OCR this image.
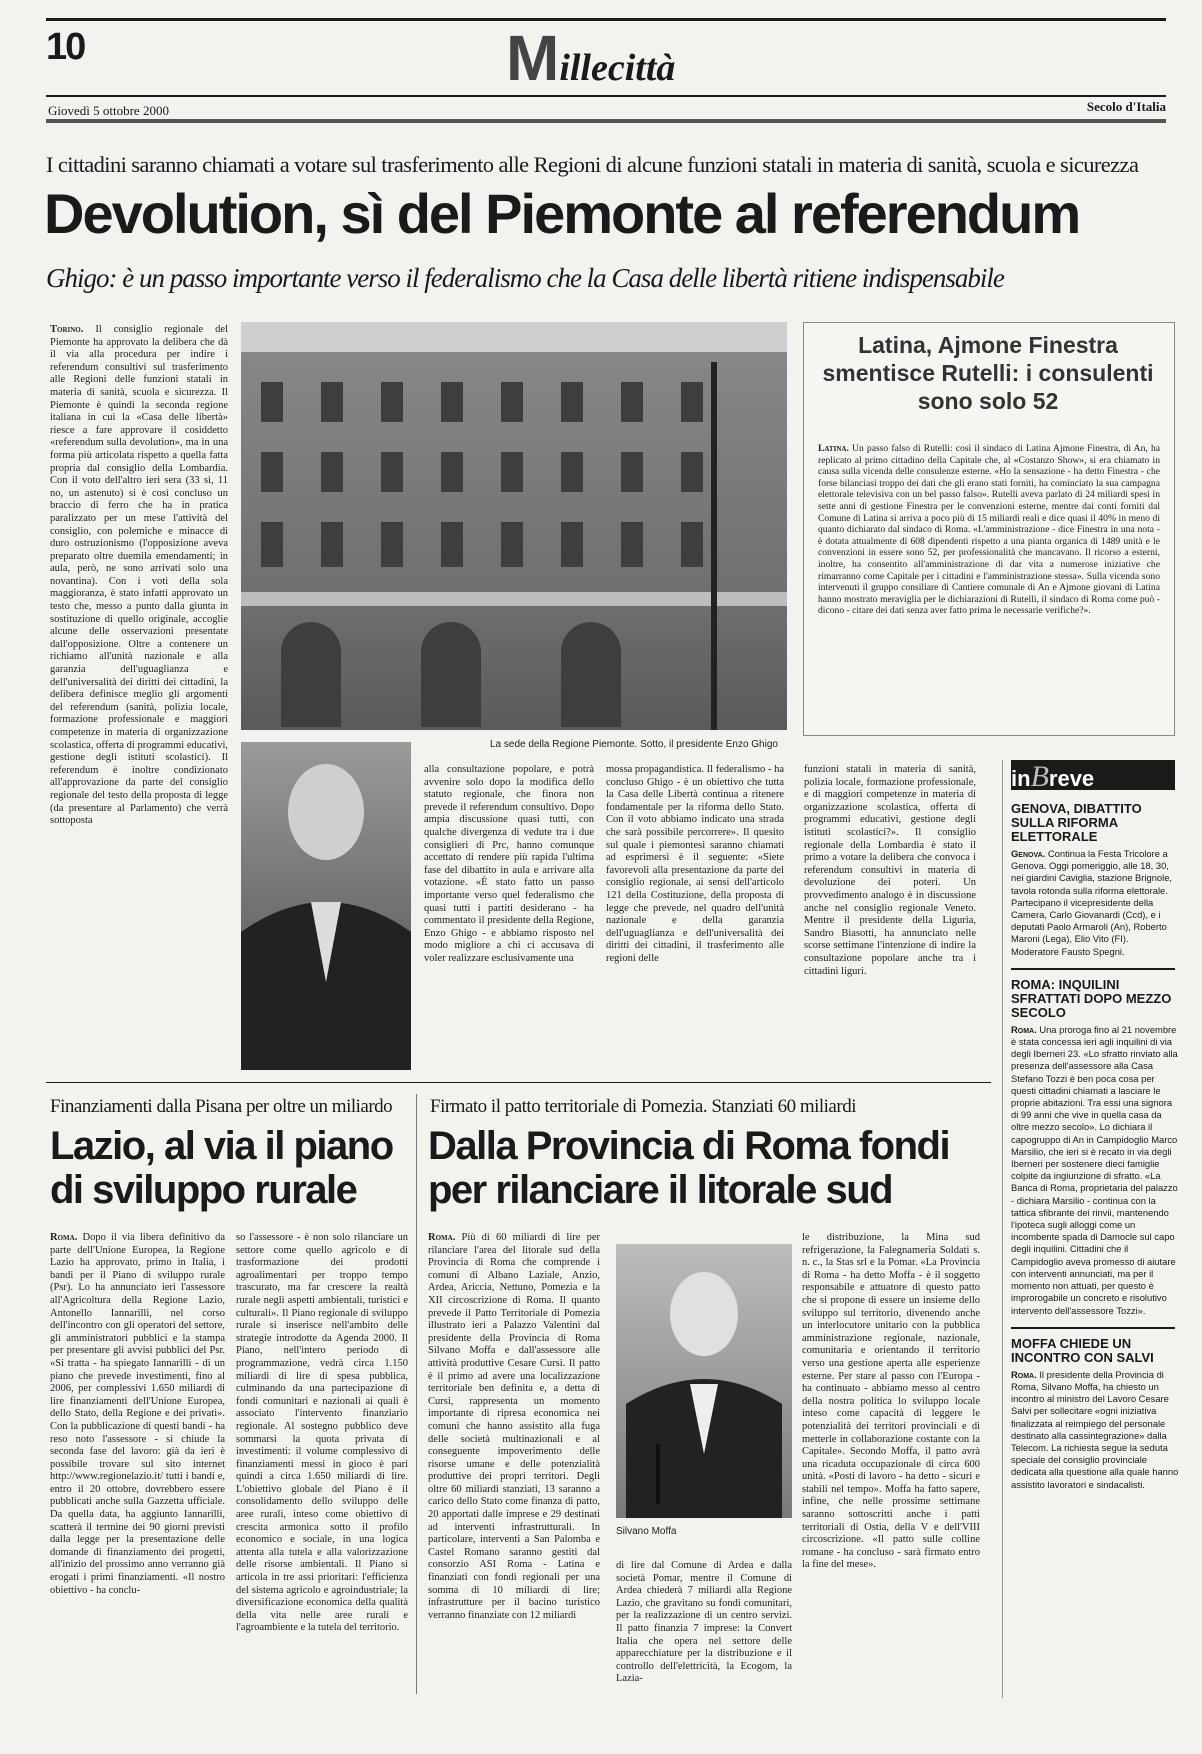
10	Millecittà
Giovedì 5 ottobre 2000	Secolo d'Italia
I cittadini saranno chiamati a votare sul trasferimento alle Regioni di alcune funzioni statali in materia di sanità, scuola e sicurezza
Devolution, sì del Piemonte al referendum
Ghigo: è un passo importante verso il federalismo che la Casa delle libertà ritiene indispensabile

Torino. Il consiglio regionale del Piemonte ha approvato la delibera che dà il via alla procedura per indire i referendum consultivi sul trasferimento alle Regioni delle funzioni statali in materia di sanità, scuola e sicurezza. Il Piemonte è quindi la seconda regione italiana in cui la «Casa delle libertà» riesce a fare approvare il cosiddetto «referendum sulla devolution», ma in una forma più articolata rispetto a quella fatta propria dal consiglio della Lombardia. Con il voto dell'altro ieri sera (33 sì, 11 no, un astenuto) si è così concluso un braccio di ferro che ha in pratica paralizzato per un mese l'attività del consiglio, con polemiche e minacce di duro ostruzionismo (l'opposizione aveva preparato oltre duemila emendamenti; in aula, però, ne sono arrivati solo una novantina). Con i voti della sola maggioranza, è stato infatti approvato un testo che, messo a punto dalla giunta in sostituzione di quello originale, accoglie alcune delle osservazioni presentate dall'opposizione. Oltre a contenere un richiamo all'unità nazionale e alla garanzia dell'uguaglianza e dell'universalità dei diritti dei cittadini, la delibera definisce meglio gli argomenti del referendum (sanità, polizia locale, formazione professionale e maggiori competenze in materia di organizzazione scolastica, offerta di programmi educativi, gestione degli istituti scolastici). Il referendum è inoltre condizionato all'approvazione da parte del consiglio regionale del testo della proposta di legge (da presentare al Parlamento) che verrà sottoposta

La sede della Regione Piemonte. Sotto, il presidente Enzo Ghigo

alla consultazione popolare, e potrà avvenire solo dopo la modifica dello statuto regionale, che finora non prevede il referendum consultivo. Dopo ampia discussione quasi tutti, con qualche divergenza di vedute tra i due consiglieri di Prc, hanno comunque accettato di rendere più rapida l'ultima fase del dibattito in aula e arrivare alla votazione. «È stato fatto un passo importante verso quel federalismo che quasi tutti i partiti desiderano - ha commentato il presidente della Regione, Enzo Ghigo - e abbiamo risposto nel modo migliore a chi ci accusava di voler realizzare esclusivamente una

mossa propagandistica. Il federalismo - ha concluso Ghigo - è un obiettivo che tutta la Casa delle Libertà continua a ritenere fondamentale per la riforma dello Stato. Con il voto abbiamo indicato una strada che sarà possibile percorrere». Il quesito sul quale i piemontesi saranno chiamati ad esprimersi è il seguente: «Siete favorevoli alla presentazione da parte del consiglio regionale, ai sensi dell'articolo 121 della Costituzione, della proposta di legge che prevede, nel quadro dell'unità nazionale e della garanzia dell'uguaglianza e dell'universalità dei diritti dei cittadini, il trasferimento alle regioni delle

funzioni statali in materia di sanità, polizia locale, formazione professionale, e di maggiori competenze in materia di organizzazione scolastica, offerta di programmi educativi, gestione degli istituti scolastici?». Il consiglio regionale della Lombardia è stato il primo a votare la delibera che convoca i referendum consultivi in materia di devoluzione dei poteri. Un provvedimento analogo è in discussione anche nel consiglio regionale Veneto. Mentre il presidente della Liguria, Sandro Biasotti, ha annunciato nelle scorse settimane l'intenzione di indire la consultazione popolare anche tra i cittadini liguri.

Latina, Ajmone Finestra smentisce Rutelli: i consulenti sono solo 52

Latina. Un passo falso di Rutelli: così il sindaco di Latina Ajmone Finestra, di An, ha replicato al primo cittadino della Capitale che, al «Costanzo Show», si era chiamato in causa sulla vicenda delle consulenze esterne. «Ho la sensazione - ha detto Finestra - che forse bilanciasi troppo dei dati che gli erano stati forniti, ha cominciato la sua campagna elettorale televisiva con un bel passo falso». Rutelli aveva parlato di 24 miliardi spesi in sette anni di gestione Finestra per le convenzioni esterne, mentre dai conti forniti dal Comune di Latina si arriva a poco più di 15 miliardi reali e dice quasi il 40% in meno di quanto dichiarato dal sindaco di Roma. «L'amministrazione - dice Finestra in una nota - è dotata attualmente di 608 dipendenti rispetto a una pianta organica di 1489 unità e le convenzioni in essere sono 52, per professionalità che mancavano. Il ricorso a esterni, inoltre, ha consentito all'amministrazione di dar vita a numerose iniziative che rimarranno come Capitale per i cittadini e l'amministrazione stessa». Sulla vicenda sono intervenuti il gruppo consiliare di Cantiere comunale di An e Ajmone giovani di Latina hanno mostrato meraviglia per le dichiarazioni di Rutelli, il sindaco di Roma come può - dicono - citare dei dati senza aver fatto prima le necessarie verifiche?».

inBreve
GENOVA, DIBATTITO SULLA RIFORMA ELETTORALE

Genova. Continua la Festa Tricolore a Genova. Oggi pomeriggio, alle 18, 30, nei giardini Caviglia, stazione Brignole, tavola rotonda sulla riforma elettorale. Partecipano il vicepresidente della Camera, Carlo Giovanardi (Ccd), e i deputati Paolo Armaroli (An), Roberto Maroni (Lega), Elio Vito (FI). Moderatore Fausto Spegni.

ROMA: INQUILINI SFRATTATI DOPO MEZZO SECOLO

Roma. Una proroga fino al 21 novembre è stata concessa ieri agli inquilini di via degli Iberneri 23. «Lo sfratto rinviato alla presenza dell'assessore alla Casa Stefano Tozzi è ben poca cosa per questi cittadini chiamati a lasciare le proprie abitazioni. Tra essi una signora di 99 anni che vive in quella casa da oltre mezzo secolo». Lo dichiara il capogruppo di An in Campidoglio Marco Marsilio, che ieri si è recato in via degli Iberneri per sostenere dieci famiglie colpite da ingiunzione di sfratto. «La Banca di Roma, proprietaria del palazzo - dichiara Marsilio - continua con la tattica sfibrante dei rinvii, mantenendo l'ipoteca sugli alloggi come un incombente spada di Damocle sul capo degli inquilini. Cittadini che il Campidoglio aveva promesso di aiutare con interventi annunciati, ma per il momento non attuati, per questo è improrogabile un concreto e risolutivo intervento dell'assessore Tozzi».

MOFFA CHIEDE UN INCONTRO CON SALVI

Roma. Il presidente della Provincia di Roma, Silvano Moffa, ha chiesto un incontro al ministro del Lavoro Cesare Salvi per sollecitare «ogni iniziativa finalizzata al reimpiego del personale destinato alla cassintegrazione» dalla Telecom. La richiesta segue la seduta speciale del consiglio provinciale dedicata alla questione alla quale hanno assistito lavoratori e sindacalisti.

Finanziamenti dalla Pisana per oltre un miliardo
Lazio, al via il piano di sviluppo rurale

Roma. Dopo il via libera definitivo da parte dell'Unione Europea, la Regione Lazio ha approvato, primo in Italia, i bandi per il Piano di sviluppo rurale (Psr). Lo ha annunciato ieri l'assessore all'Agricoltura della Regione Lazio, Antonello Iannarilli, nel corso dell'incontro con gli operatori del settore, gli amministratori pubblici e la stampa per presentare gli avvisi pubblici del Psr. «Si tratta - ha spiegato Iannarilli - di un piano che prevede investimenti, fino al 2006, per complessivi 1.650 miliardi di lire finanziamenti dell'Unione Europea, dello Stato, della Regione e dei privati». Con la pubblicazione di questi bandi - ha reso noto l'assessore - si chiude la seconda fase del lavoro: già da ieri è possibile trovare sul sito internet http://www.regionelazio.it/ tutti i bandi e, entro il 20 ottobre, dovrebbero essere pubblicati anche sulla Gazzetta ufficiale. Da quella data, ha aggiunto Iannarilli, scatterà il termine dei 90 giorni previsti dalla legge per la presentazione delle domande di finanziamento dei progetti, all'inizio del prossimo anno verranno già erogati i primi finanziamenti. «Il nostro obiettivo - ha conclu-

so l'assessore - è non solo rilanciare un settore come quello agricolo e di trasformazione dei prodotti agroalimentari per troppo tempo trascurato, ma far crescere la realtà rurale negli aspetti ambientali, turistici e culturali». Il Piano regionale di sviluppo rurale si inserisce nell'ambito delle strategie introdotte da Agenda 2000. Il Piano, nell'intero periodo di programmazione, vedrà circa 1.150 miliardi di lire di spesa pubblica, culminando da una partecipazione di fondi comunitari e nazionali ai quali è associato l'intervento finanziario regionale. Al sostegno pubblico deve sommarsi la quota privata di investimenti: il volume complessivo di finanziamenti messi in gioco è pari quindi a circa 1.650 miliardi di lire. L'obiettivo globale del Piano è il consolidamento dello sviluppo delle aree rurali, inteso come obiettivo di crescita armonica sotto il profilo economico e sociale, in una logica attenta alla tutela e alla valorizzazione delle risorse ambientali. Il Piano si articola in tre assi prioritari: l'efficienza del sistema agricolo e agroindustriale; la diversificazione economica della qualità della vita nelle aree rurali e l'agroambiente e la tutela del territorio.

Firmato il patto territoriale di Pomezia. Stanziati 60 miliardi
Dalla Provincia di Roma fondi per rilanciare il litorale sud

Roma. Più di 60 miliardi di lire per rilanciare l'area del litorale sud della Provincia di Roma che comprende i comuni di Albano Laziale, Anzio, Ardea, Ariccia, Nettuno, Pomezia e la XII circoscrizione di Roma. Il quanto prevede il Patto Territoriale di Pomezia illustrato ieri a Palazzo Valentini dal presidente della Provincia di Roma Silvano Moffa e dall'assessore alle attività produttive Cesare Cursi. Il patto è il primo ad avere una localizzazione territoriale ben definita e, a detta di Cursi, rappresenta un momento importante di ripresa economica nei comuni che hanno assistito alla fuga delle società multinazionali e al conseguente impoverimento delle risorse umane e delle potenzialità produttive dei propri territori. Degli oltre 60 miliardi stanziati, 13 saranno a carico dello Stato come finanza di patto, 20 apportati dalle imprese e 29 destinati ad interventi infrastrutturali. In particolare, interventi a San Palomba e Castel Romano saranno gestiti dal consorzio ASI Roma - Latina e finanziati con fondi regionali per una somma di 10 miliardi di lire; infrastrutture per il bacino turistico verranno finanziate con 12 miliardi

Silvano Moffa

di lire dal Comune di Ardea e dalla società Pomar, mentre il Comune di Ardea chiederà 7 miliardi alla Regione Lazio, che gravitano su fondi comunitari, per la realizzazione di un centro servizi. Il patto finanzia 7 imprese: la Convert Italia che opera nel settore delle apparecchiature per la distribuzione e il controllo dell'elettricità, la Ecogom, la Lazia-

le distribuzione, la Mina sud refrigerazione, la Falegnameria Soldati s. n. c., la Stas srl e la Pomar. «La Provincia di Roma - ha detto Moffa - è il soggetto responsabile e attuatore di questo patto che si propone di essere un insieme dello sviluppo sul territorio, divenendo anche un interlocutore unitario con la pubblica amministrazione regionale, nazionale, comunitaria e orientando il territorio verso una gestione aperta alle esperienze esterne. Per stare al passo con l'Europa - ha continuato - abbiamo messo al centro della nostra politica lo sviluppo locale inteso come capacità di leggere le potenzialità dei territori provinciali e di metterle in collaborazione costante con la Capitale». Secondo Moffa, il patto avrà una ricaduta occupazionale di circa 600 unità. «Posti di lavoro - ha detto - sicuri e stabili nel tempo». Moffa ha fatto sapere, infine, che nelle prossime settimane saranno sottoscritti anche i patti territoriali di Ostia, della V e dell'VIII circoscrizione. «Il patto sulle colline romane - ha concluso - sarà firmato entro la fine del mese».
